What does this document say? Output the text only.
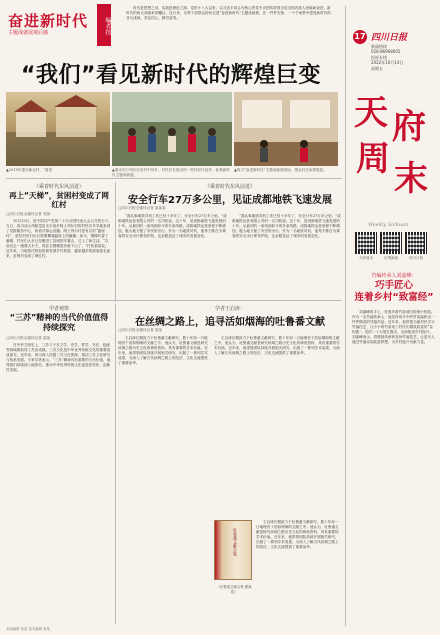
奋进新时代
主题成就展观后感	编者按
时代是思想之母，实践是理论之源。党的十八大以来，以习近平同志为核心的党中央团结带领全党全国各族人民砥砺奋进，新时代的伟大成就举世瞩目。连日来，各界干部群众纷纷走进“奋进新时代”主题成就展，在一件件实物、一个个场景中感受新时代的非凡成就，坚定信心，踔厉奋发。
“我们”看见新时代的辉煌巨变
▲2019年重庆新农村，“看见	▲重庆市万州区红岩村中坝乡，村民们在展出的一些村民代表旁，参观新时代主题成就展。
▲四川“奋进新时代”主题成就展现场，观众们在参观展览。
17 四川日报
新闻热线
028-86968005
投诉专线
2022年10月14日
星期五
天 府
周 末
Weekly Sichuan
天府周末	川观新闻	四川日报
竹编传承人刘嘉峰：
巧手匠心
连着乡村“致富经”
刘嘉峰的手上，有很多被竹条划出的细小伤痕。作为一名竹编传承人，他坚持用手中的竹条编织出一件件精美的竹编作品。近年来，他带领当地村民学习竹编技艺，让小小的竹条成了村民们增收致富的“金钥匙”。党的二十大报告提出，全面推进乡村振兴。刘嘉峰表示，将继续传承和发扬竹编技艺，让更多人通过竹编实现致富梦想，为乡村振兴贡献力量。
《乘着时代东风前进》
再上“天梯”，贫困村变成了网红村
□四川日报全媒体记者 吴晓
10月13日，是中国共产党第二十次全国代表大会召开的日子。当日，四川凉山州昭觉县支尔莫乡阿土列尔村的村民们早早地来到了党群服务中心，收看开幕会直播。阿土列尔村是有名的“悬崖村”，曾经村民们出行需要攀爬悬崖上的藤梯。如今，钢梯代替了藤梯，村民们大多已经搬进了县城的安置点，过上了新生活。“以前出去一趟要大半天，现在走钢梯很快就下山了。”村民某某说。近年来，当地依托特色资源发展乡村旅游，越来越多的游客慕名而来，贫困村变成了网红村。
《乘着时代东风前进》
安全行车27万多公里，见证成都地铁飞速发展
□四川日报全媒体记者 某某某
“我从事地铁司机工作已经十多年了，安全行车27万多公里。”成都地铁运营有限公司的一名司机说。这十年，是成都地铁飞速发展的十年。从最初的一条线到如今的多条线路，成都地铁运营里程不断增加，极大地方便了市民的出行。作为一名地铁司机，他每天都在为乘客的安全出行保驾护航，也亲眼见证了城市的发展变化。
“我从事地铁司机工作已经十多年了，安全行车27万多公里。”成都地铁运营有限公司的一名司机说。这十年，是成都地铁飞速发展的十年。从最初的一条线到如今的多条线路，成都地铁运营里程不断增加，极大地方便了市民的出行。作为一名地铁司机，他每天都在为乘客的安全出行保驾护航，也亲眼见证了城市的发展变化。
学者观察
“三苏”精神的当代价值值得持续探究
□四川日报全媒体记者 某某
在中华文明史上，三苏父子在文学、史学、哲学、书法、绘画等领域都取得了杰出成就。三苏文化是中华优秀传统文化的重要组成部分。近年来，四川深入挖掘三苏文化资源，推动三苏文化研究与传承发展。专家学者表示，“三苏”精神具有重要的当代价值，值得我们持续深入地探究，推动中华优秀传统文化创造性转化、创新性发展。
学者王启涛：
在丝绸之路上，追寻活如烟海的吐鲁番文献
□四川日报全媒体记者 某某
王启涛长期致力于吐鲁番文献研究，数十年如一日地埋首于浩如烟海的文献之中。他认为，吐鲁番文献是研究丝绸之路历史文化的珍贵资料，具有重要的学术价值。近年来，他带领团队持续开展相关研究，出版了一系列学术成果，为深入了解古代丝绸之路上的经济、文化交流提供了重要参考。
王启涛长期致力于吐鲁番文献研究，数十年如一日地埋首于浩如烟海的文献之中。他认为，吐鲁番文献是研究丝绸之路历史文化的珍贵资料，具有重要的学术价值。近年来，他带领团队持续开展相关研究，出版了一系列学术成果，为深入了解古代丝绸之路上的经济、文化交流提供了重要参考。
王启涛长期致力于吐鲁番文献研究，数十年如一日地埋首于浩如烟海的文献之中。他认为，吐鲁番文献是研究丝绸之路历史文化的珍贵资料，具有重要的学术价值。近年来，他带领团队持续开展相关研究，出版了一系列学术成果，为深入了解古代丝绸之路上的经济、文化交流提供了重要参考。
吐鲁番文献合集
《吐鲁番文献合集·儒典卷》
本版编辑 某某 美术编辑 某某
